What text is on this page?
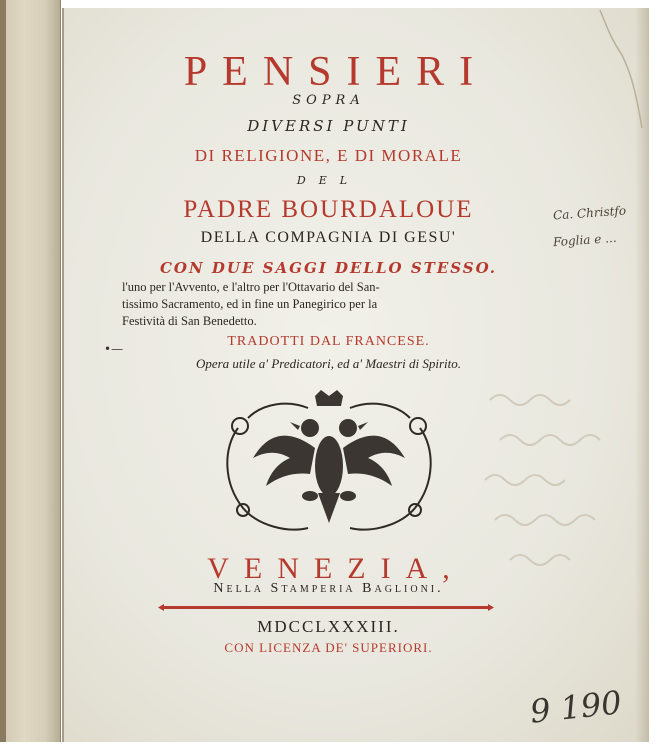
PENSIERI
SOPRA
DIVERSI PUNTI
DI RELIGIONE, E DI MORALE
DEL
PADRE BOURDALOUE
DELLA COMPAGNIA DI GESU'
CON DUE SAGGI DELLO STESSO.
l'uno per l'Avvento, e l'altro per l'Ottavario del San-
tissimo Sacramento, ed in fine un Panegirico per la
Festività di San Benedetto.
•—	TRADOTTI DAL FRANCESE.
Opera utile a' Predicatori, ed a' Maestri di Spirito.
VENEZIA,
Nella Stamperia Baglioni.
MDCCLXXXIII.
CON LICENZA DE' SUPERIORI.
Ca. Christfo
Foglia e ...
9 190
